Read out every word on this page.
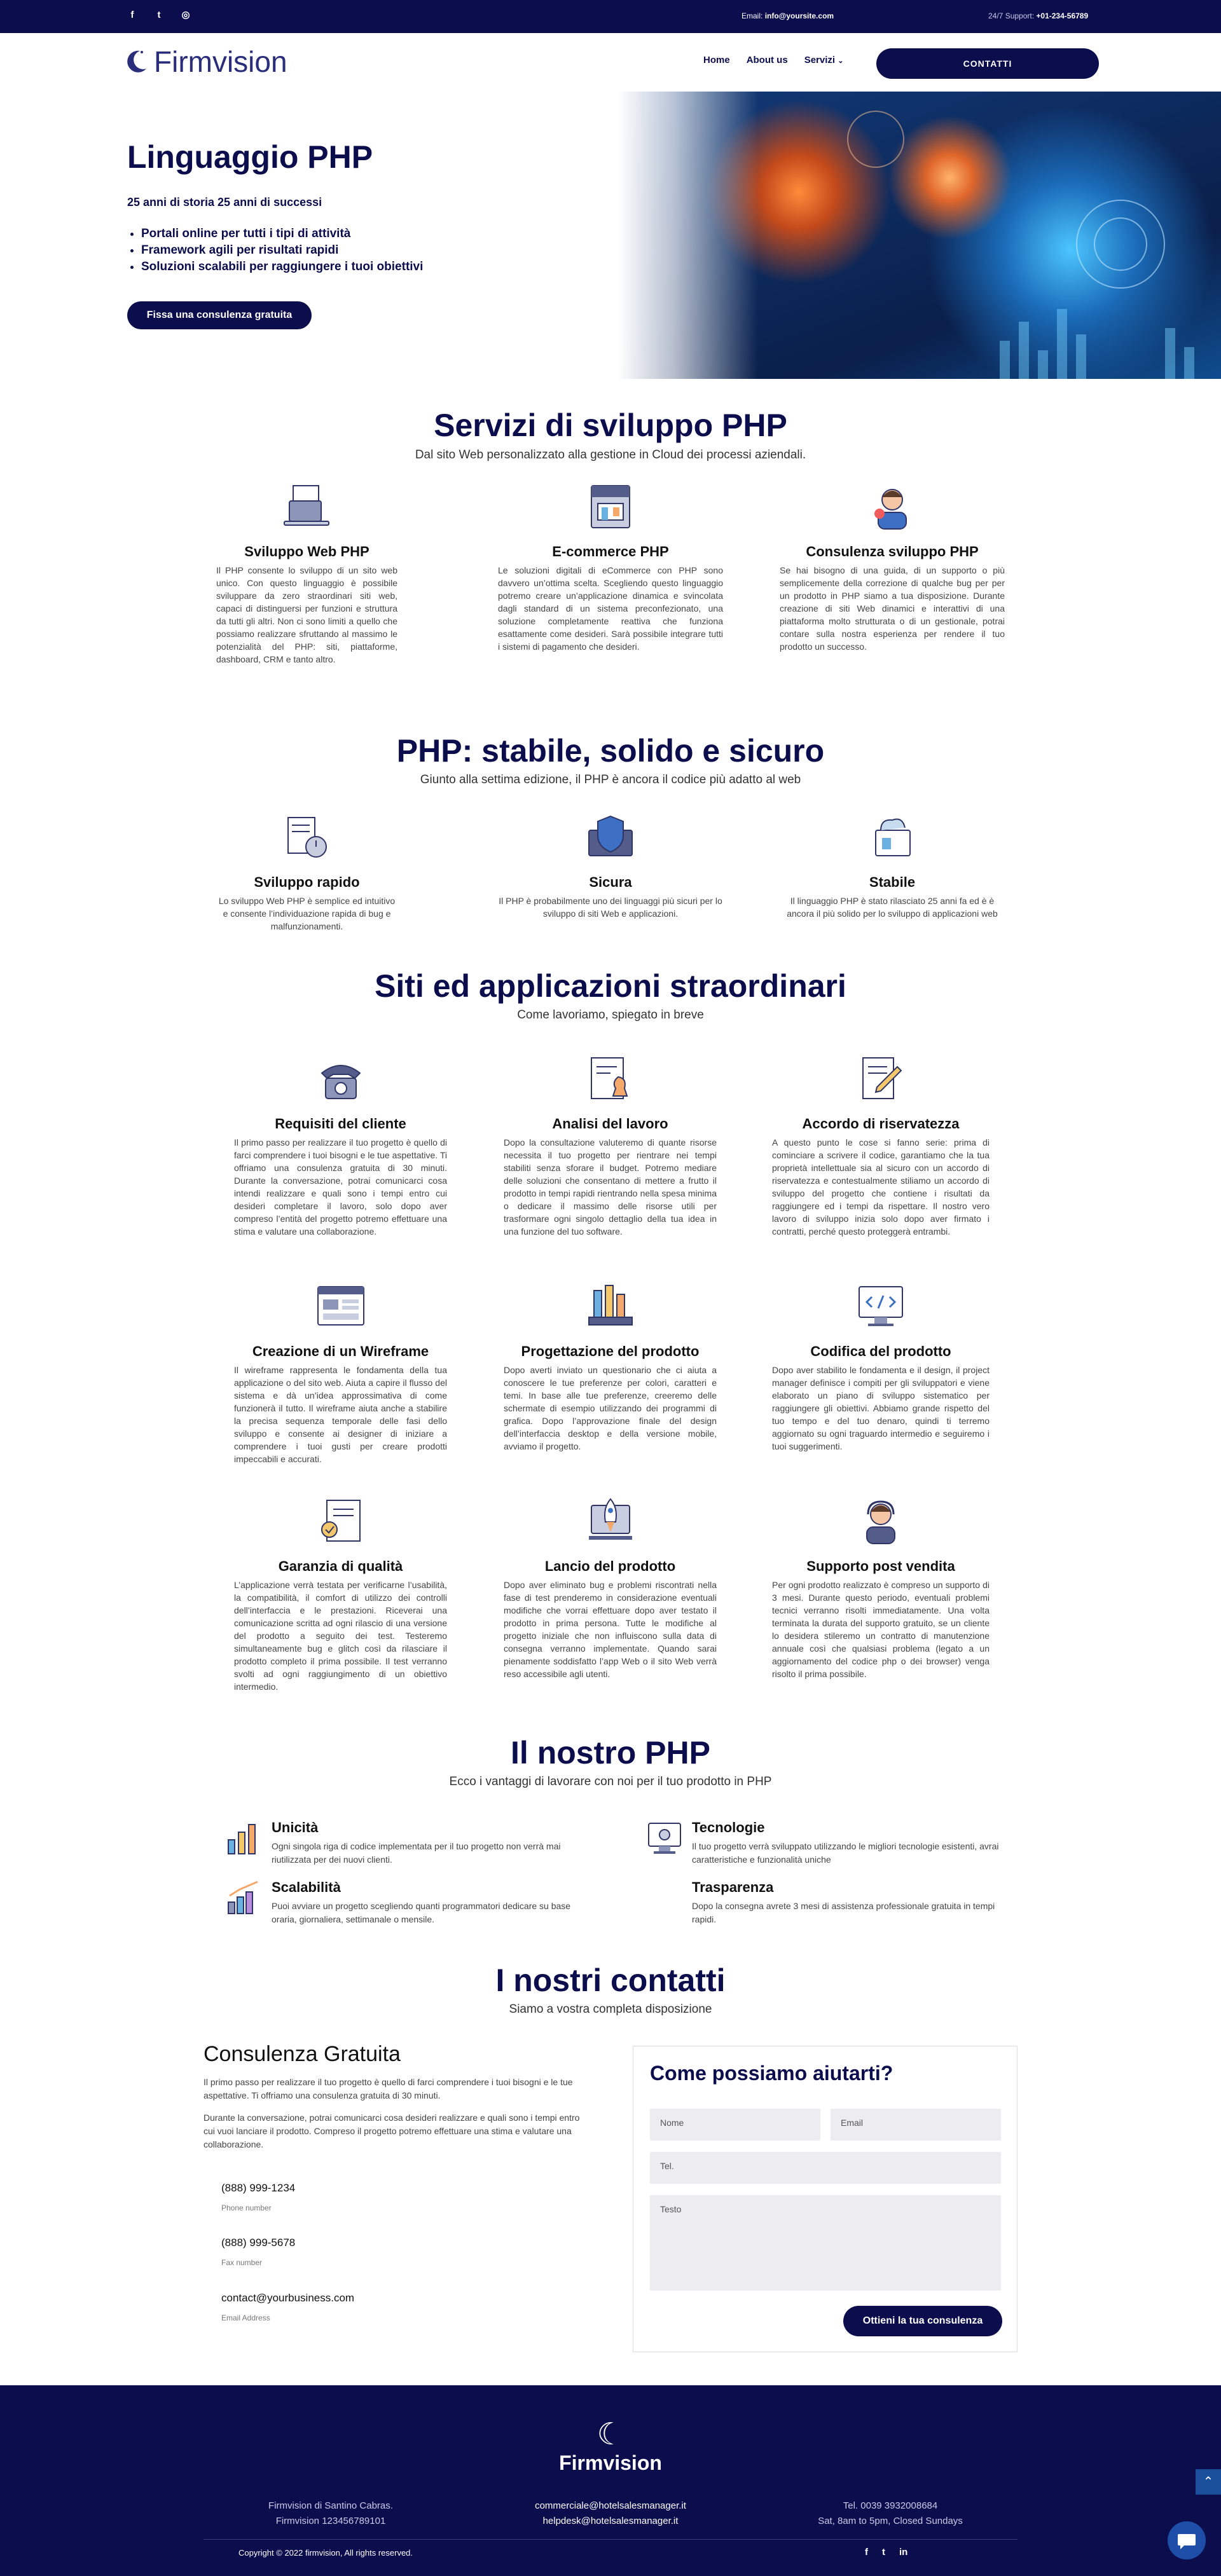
f	t	◎	Email: info@yoursite.com	24/7 Support: +01-234-56789
Firmvision	Home About us Servizi ⌄	CONTATTI
Linguaggio PHP
25 anni di storia 25 anni di successi
• Portali online per tutti i tipi di attività
• Framework agili per risultati rapidi
• Soluzioni scalabili per raggiungere i tuoi obiettivi
Fissa una consulenza gratuita
Servizi di sviluppo PHP
Dal sito Web personalizzato alla gestione in Cloud dei processi aziendali.
Sviluppo Web PHP

Il PHP consente lo sviluppo di un sito web unico. Con questo linguaggio è possibile sviluppare da zero straordinari siti web, capaci di distinguersi per funzioni e struttura da tutti gli altri. Non ci sono limiti a quello che possiamo realizzare sfruttando al massimo le potenzialità del PHP: siti, piattaforme, dashboard, CRM e tanto altro.

E-commerce PHP

Le soluzioni digitali di eCommerce con PHP sono davvero un’ottima scelta. Scegliendo questo linguaggio potremo creare un’applicazione dinamica e svincolata dagli standard di un sistema preconfezionato, una soluzione completamente reattiva che funziona esattamente come desideri. Sarà possibile integrare tutti i sistemi di pagamento che desideri.

Consulenza sviluppo PHP

Se hai bisogno di una guida, di un supporto o più semplicemente della correzione di qualche bug per per un prodotto in PHP siamo a tua disposizione. Durante creazione di siti Web dinamici e interattivi di una piattaforma molto strutturata o di un gestionale, potrai contare sulla nostra esperienza per rendere il tuo prodotto un successo.

PHP: stabile, solido e sicuro
Giunto alla settima edizione, il PHP è ancora il codice più adatto al web
Sviluppo rapido

Lo sviluppo Web PHP è semplice ed intuitivo e consente l’individuazione rapida di bug e malfunzionamenti.

Sicura

Il PHP è probabilmente uno dei linguaggi più sicuri per lo sviluppo di siti Web e applicazioni.

Stabile

Il linguaggio PHP è stato rilasciato 25 anni fa ed è è ancora il più solido per lo sviluppo di applicazioni web

Siti ed applicazioni straordinari
Come lavoriamo, spiegato in breve
Requisiti del cliente

Il primo passo per realizzare il tuo progetto è quello di farci comprendere i tuoi bisogni e le tue aspettative. Ti offriamo una consulenza gratuita di 30 minuti. Durante la conversazione, potrai comunicarci cosa intendi realizzare e quali sono i tempi entro cui desideri completare il lavoro, solo dopo aver compreso l’entità del progetto potremo effettuare una stima e valutare una collaborazione.

Analisi del lavoro

Dopo la consultazione valuteremo di quante risorse necessita il tuo progetto per rientrare nei tempi stabiliti senza sforare il budget. Potremo mediare delle soluzioni che consentano di mettere a frutto il prodotto in tempi rapidi rientrando nella spesa minima o dedicare il massimo delle risorse utili per trasformare ogni singolo dettaglio della tua idea in una funzione del tuo software.

Accordo di riservatezza

A questo punto le cose si fanno serie: prima di cominciare a scrivere il codice, garantiamo che la tua proprietà intellettuale sia al sicuro con un accordo di riservatezza e contestualmente stiliamo un accordo di sviluppo del progetto che contiene i risultati da raggiungere ed i tempi da rispettare. Il nostro vero lavoro di sviluppo inizia solo dopo aver firmato i contratti, perché questo proteggerà entrambi.

Creazione di un Wireframe

Il wireframe rappresenta le fondamenta della tua applicazione o del sito web. Aiuta a capire il flusso del sistema e dà un’idea approssimativa di come funzionerà il tutto. Il wireframe aiuta anche a stabilire la precisa sequenza temporale delle fasi dello sviluppo e consente ai designer di iniziare a comprendere i tuoi gusti per creare prodotti impeccabili e accurati.

Progettazione del prodotto

Dopo averti inviato un questionario che ci aiuta a conoscere le tue preferenze per colori, caratteri e temi. In base alle tue preferenze, creeremo delle schermate di esempio utilizzando dei programmi di grafica. Dopo l’approvazione finale del design dell’interfaccia desktop e della versione mobile, avviamo il progetto.

Codifica del prodotto

Dopo aver stabilito le fondamenta e il design, il project manager definisce i compiti per gli sviluppatori e viene elaborato un piano di sviluppo sistematico per raggiungere gli obiettivi. Abbiamo grande rispetto del tuo tempo e del tuo denaro, quindi ti terremo aggiornato su ogni traguardo intermedio e seguiremo i tuoi suggerimenti.

Garanzia di qualità

L’applicazione verrà testata per verificarne l’usabilità, la compatibilità, il comfort di utilizzo dei controlli dell’interfaccia e le prestazioni. Riceverai una comunicazione scritta ad ogni rilascio di una versione del prodotto a seguito dei test. Testeremo simultaneamente bug e glitch così da rilasciare il prodotto completo il prima possibile. Il test verranno svolti ad ogni raggiungimento di un obiettivo intermedio.

Lancio del prodotto

Dopo aver eliminato bug e problemi riscontrati nella fase di test prenderemo in considerazione eventuali modifiche che vorrai effettuare dopo aver testato il prodotto in prima persona. Tutte le modifiche al progetto iniziale che non influiscono sulla data di consegna verranno implementate. Quando sarai pienamente soddisfatto l’app Web o il sito Web verrà reso accessibile agli utenti.

Supporto post vendita

Per ogni prodotto realizzato è compreso un supporto di 3 mesi. Durante questo periodo, eventuali problemi tecnici verranno risolti immediatamente. Una volta terminata la durata del supporto gratuito, se un cliente lo desidera stileremo un contratto di manutenzione annuale così che qualsiasi problema (legato a un aggiornamento del codice php o dei browser) venga risolto il prima possibile.

Il nostro PHP
Ecco i vantaggi di lavorare con noi per il tuo prodotto in PHP
Unicità

Ogni singola riga di codice implementata per il tuo progetto non verrà mai riutilizzata per dei nuovi clienti.

Tecnologie

Il tuo progetto verrà sviluppato utilizzando le migliori tecnologie esistenti, avrai caratteristiche e funzionalità uniche

Scalabilità

Puoi avviare un progetto scegliendo quanti programmatori dedicare su base oraria, giornaliera, settimanale o mensile.

Trasparenza

Dopo la consegna avrete 3 mesi di assistenza professionale gratuita in tempi rapidi.

I nostri contatti
Siamo a vostra completa disposizione
Consulenza Gratuita

Il primo passo per realizzare il tuo progetto è quello di farci comprendere i tuoi bisogni e le tue aspettative. Ti offriamo una consulenza gratuita di 30 minuti.

Durante la conversazione, potrai comunicarci cosa desideri realizzare e quali sono i tempi entro cui vuoi lanciare il prodotto. Compreso il progetto potremo effettuare una stima e valutare una collaborazione.

(888) 999-1234
Phone number
(888) 999-5678
Fax number
contact@yourbusiness.com
Email Address
Come possiamo aiutarti?
Nome	Email
Tel.
Testo
Ottieni la tua consulenza
☾
Firmvision
Firmvision di Santino Cabras.
Firmvision 123456789101
commerciale@hotelsalesmanager.it
helpdesk@hotelsalesmanager.it
Tel. 0039 3932008684
Sat, 8am to 5pm, Closed Sundays
Copyright © 2022 firmvision, All rights reserved.	f t in
⌃
